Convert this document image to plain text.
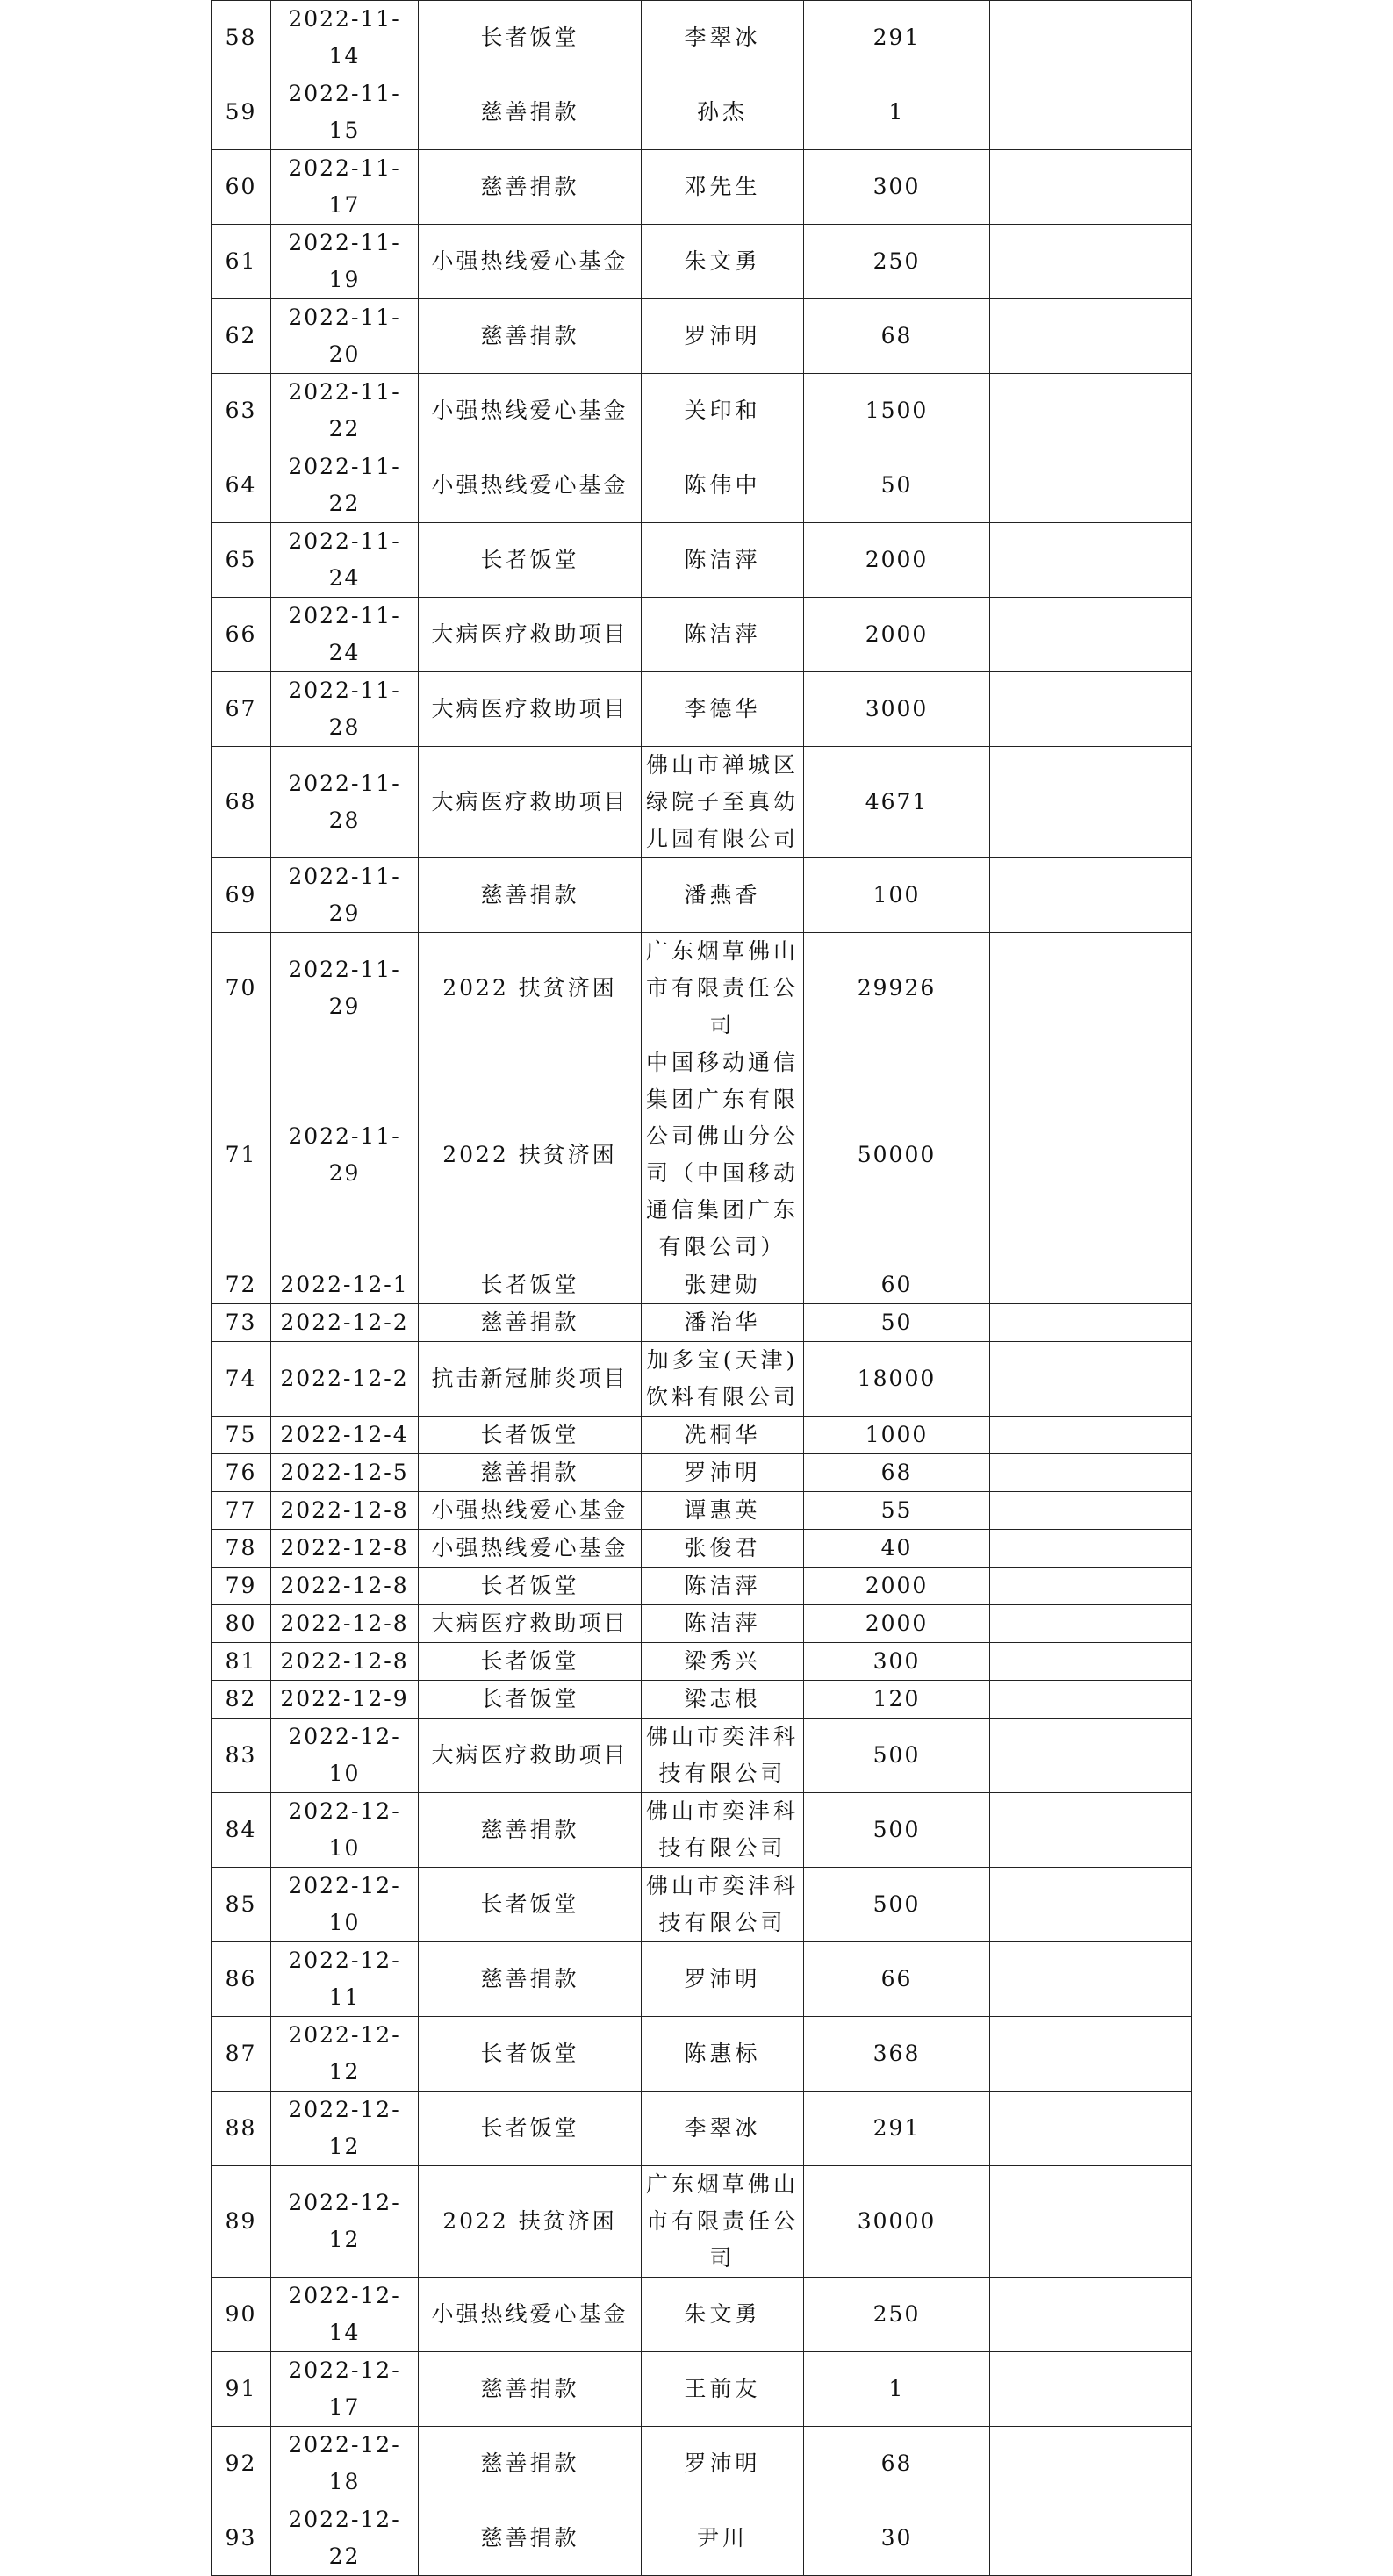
58	2022-11-14	长者饭堂	李翠冰	291	
59	2022-11-15	慈善捐款	孙杰	1	
60	2022-11-17	慈善捐款	邓先生	300	
61	2022-11-19	小强热线爱心基金	朱文勇	250	
62	2022-11-20	慈善捐款	罗沛明	68	
63	2022-11-22	小强热线爱心基金	关印和	1500	
64	2022-11-22	小强热线爱心基金	陈伟中	50	
65	2022-11-24	长者饭堂	陈洁萍	2000	
66	2022-11-24	大病医疗救助项目	陈洁萍	2000	
67	2022-11-28	大病医疗救助项目	李德华	3000	
68	2022-11-28	大病医疗救助项目	佛山市禅城区绿院子至真幼儿园有限公司	4671	
69	2022-11-29	慈善捐款	潘燕香	100	
70	2022-11-29	2022 扶贫济困	广东烟草佛山市有限责任公司	29926	
71	2022-11-29	2022 扶贫济困	中国移动通信集团广东有限公司佛山分公司（中国移动通信集团广东有限公司）	50000	
72	2022-12-1	长者饭堂	张建勋	60	
73	2022-12-2	慈善捐款	潘治华	50	
74	2022-12-2	抗击新冠肺炎项目	加多宝(天津)饮料有限公司	18000	
75	2022-12-4	长者饭堂	冼桐华	1000	
76	2022-12-5	慈善捐款	罗沛明	68	
77	2022-12-8	小强热线爱心基金	谭惠英	55	
78	2022-12-8	小强热线爱心基金	张俊君	40	
79	2022-12-8	长者饭堂	陈洁萍	2000	
80	2022-12-8	大病医疗救助项目	陈洁萍	2000	
81	2022-12-8	长者饭堂	梁秀兴	300	
82	2022-12-9	长者饭堂	梁志根	120	
83	2022-12-10	大病医疗救助项目	佛山市奕沣科技有限公司	500	
84	2022-12-10	慈善捐款	佛山市奕沣科技有限公司	500	
85	2022-12-10	长者饭堂	佛山市奕沣科技有限公司	500	
86	2022-12-11	慈善捐款	罗沛明	66	
87	2022-12-12	长者饭堂	陈惠标	368	
88	2022-12-12	长者饭堂	李翠冰	291	
89	2022-12-12	2022 扶贫济困	广东烟草佛山市有限责任公司	30000	
90	2022-12-14	小强热线爱心基金	朱文勇	250	
91	2022-12-17	慈善捐款	王前友	1	
92	2022-12-18	慈善捐款	罗沛明	68	
93	2022-12-22	慈善捐款	尹川	30	
